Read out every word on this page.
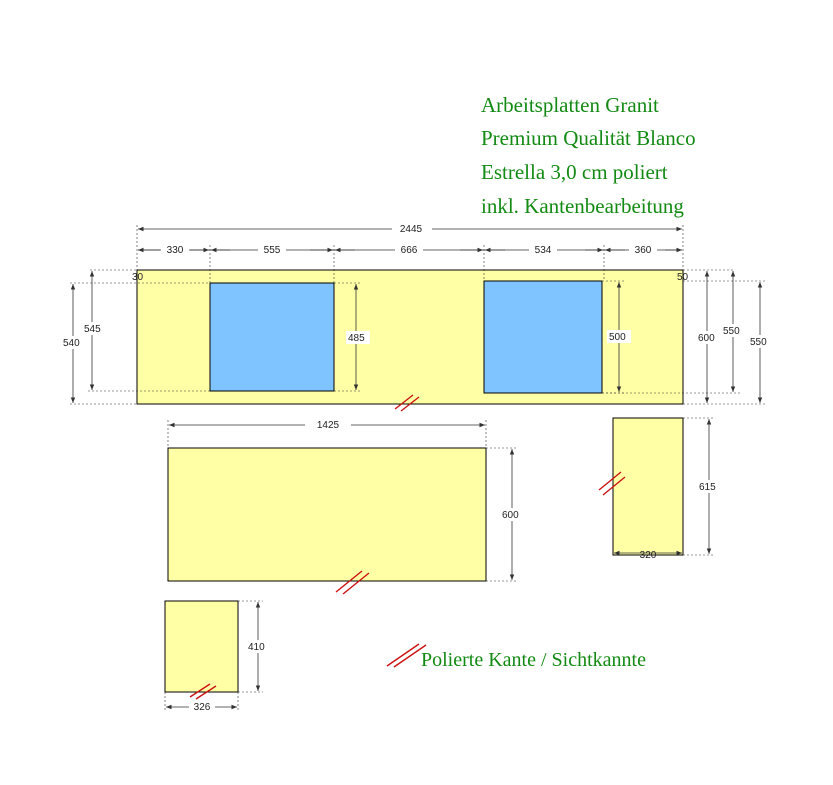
Arbeitsplatten Granit
Premium Qualität Blanco
Estrella 3,0 cm poliert
inkl. Kantenbearbeitung
2445
330	555	666	534	360
30	50
545
540	485	500	600
550
550
1425
600
615
320
410
326
Polierte Kante / Sichtkannte
